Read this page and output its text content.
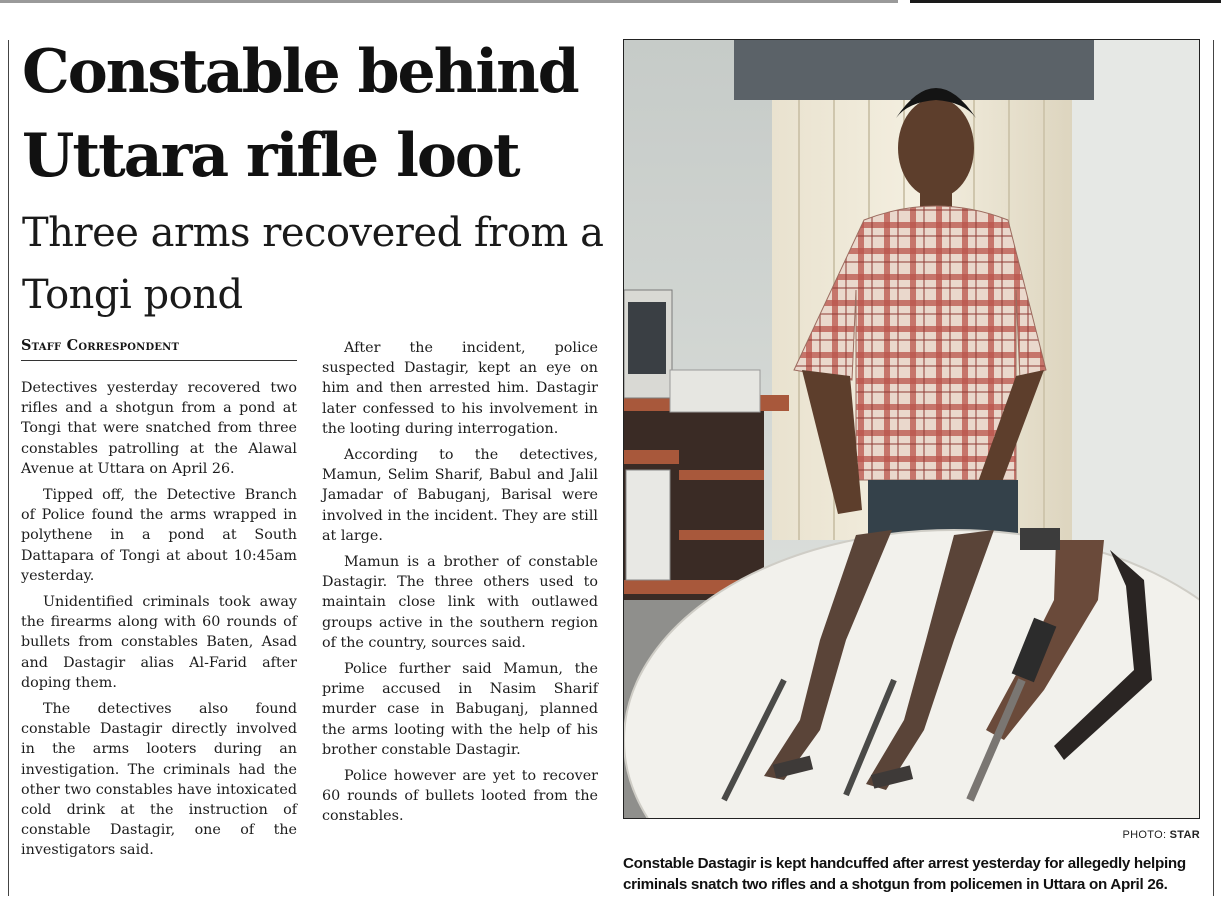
Constable behind Uttara rifle loot
Three arms recovered from a Tongi pond
Staff Correspondent

Detectives yesterday recovered two rifles and a shotgun from a pond at Tongi that were snatched from three constables patrolling at the Alawal Avenue at Uttara on April 26.

Tipped off, the Detective Branch of Police found the arms wrapped in polythene in a pond at South Dattapara of Tongi at about 10:45am yesterday.

Unidentified criminals took away the firearms along with 60 rounds of bullets from constables Baten, Asad and Dastagir alias Al-Farid after doping them.

The detectives also found constable Dastagir directly involved in the arms looters during an investigation. The criminals had the other two constables have intoxicated cold drink at the instruction of constable Dastagir, one of the investigators said.

After the incident, police suspected Dastagir, kept an eye on him and then arrested him. Dastagir later confessed to his involvement in the looting during interrogation.

According to the detectives, Mamun, Selim Sharif, Babul and Jalil Jamadar of Babuganj, Barisal were involved in the incident. They are still at large.

Mamun is a brother of constable Dastagir. The three others used to maintain close link with outlawed groups active in the southern region of the country, sources said.

Police further said Mamun, the prime accused in Nasim Sharif murder case in Babuganj, planned the arms looting with the help of his brother constable Dastagir.

Police however are yet to recover 60 rounds of bullets looted from the constables.

PHOTO: STAR

Constable Dastagir is kept handcuffed after arrest yesterday for allegedly helping criminals snatch two rifles and a shotgun from policemen in Uttara on April 26.
